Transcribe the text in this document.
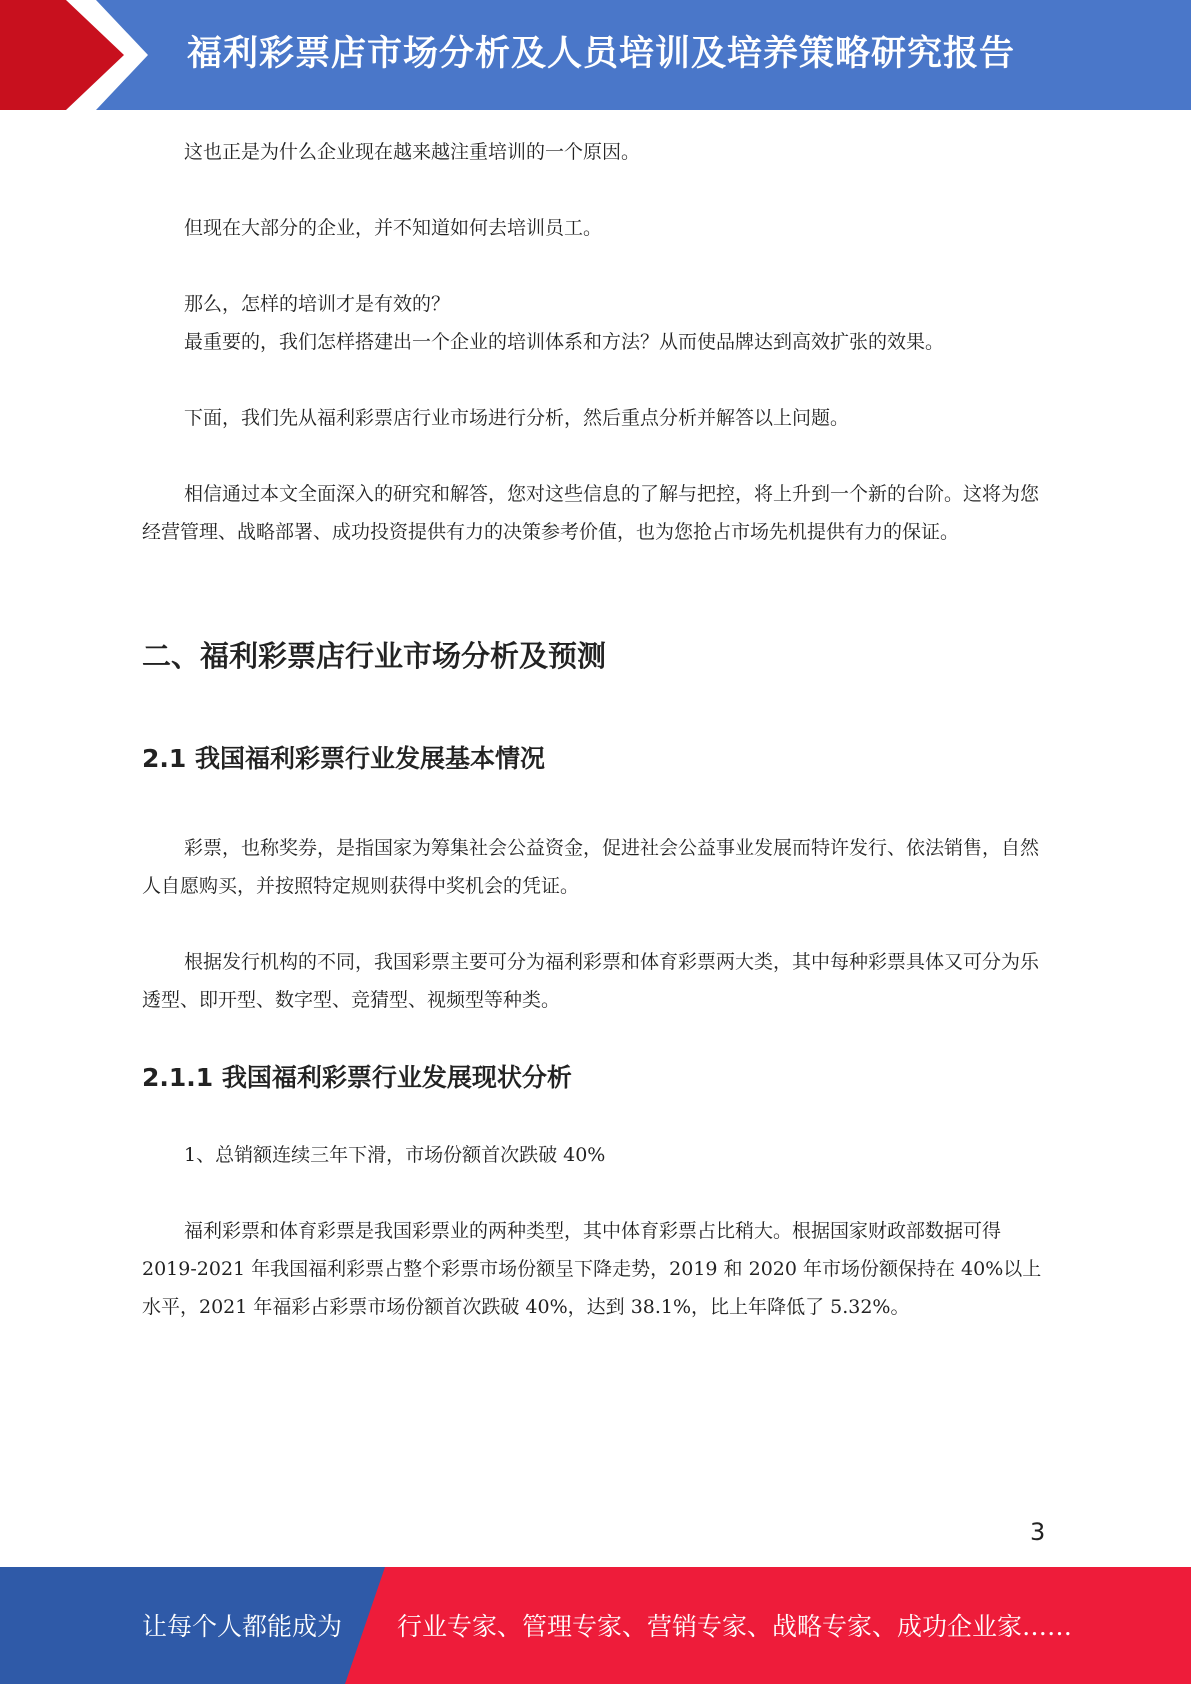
福利彩票店市场分析及人员培训及培养策略研究报告

这也正是为什么企业现在越来越注重培训的一个原因。

但现在大部分的企业，并不知道如何去培训员工。

那么，怎样的培训才是有效的？

最重要的，我们怎样搭建出一个企业的培训体系和方法？从而使品牌达到高效扩张的效果。

下面，我们先从福利彩票店行业市场进行分析，然后重点分析并解答以上问题。

相信通过本文全面深入的研究和解答，您对这些信息的了解与把控，将上升到一个新的台阶。这将为您经营管理、战略部署、成功投资提供有力的决策参考价值，也为您抢占市场先机提供有力的保证。

二、福利彩票店行业市场分析及预测
2.1 我国福利彩票行业发展基本情况

彩票，也称奖券，是指国家为筹集社会公益资金，促进社会公益事业发展而特许发行、依法销售，自然人自愿购买，并按照特定规则获得中奖机会的凭证。

根据发行机构的不同，我国彩票主要可分为福利彩票和体育彩票两大类，其中每种彩票具体又可分为乐透型、即开型、数字型、竞猜型、视频型等种类。

2.1.1 我国福利彩票行业发展现状分析

1、总销额连续三年下滑，市场份额首次跌破 40%

福利彩票和体育彩票是我国彩票业的两种类型，其中体育彩票占比稍大。根据国家财政部数据可得 2019-2021 年我国福利彩票占整个彩票市场份额呈下降走势，2019 和 2020 年市场份额保持在 40%以上水平，2021 年福彩占彩票市场份额首次跌破 40%，达到 38.1%，比上年降低了 5.32%。

3
让每个人都能成为 行业专家、管理专家、营销专家、战略专家、成功企业家……
